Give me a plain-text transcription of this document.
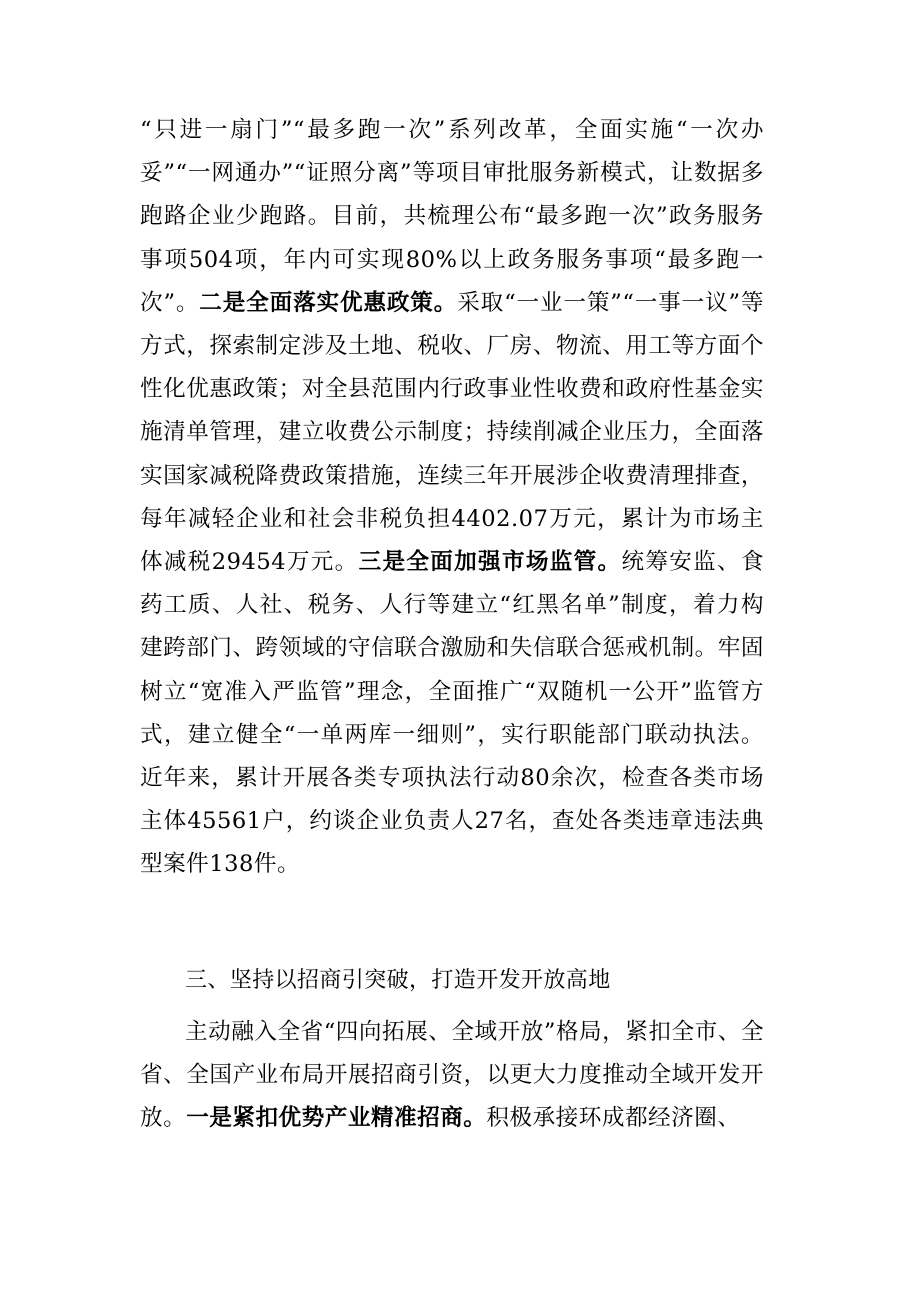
“只进一扇门”“最多跑一次”系列改革，全面实施“一次办妥”“一网通办”“证照分离”等项目审批服务新模式，让数据多跑路企业少跑路。目前，共梳理公布“最多跑一次”政务服务事项504项，年内可实现80%以上政务服务事项“最多跑一次”。二是全面落实优惠政策。采取“一业一策”“一事一议”等方式，探索制定涉及土地、税收、厂房、物流、用工等方面个性化优惠政策；对全县范围内行政事业性收费和政府性基金实施清单管理，建立收费公示制度；持续削减企业压力，全面落实国家减税降费政策措施，连续三年开展涉企收费清理排查，每年减轻企业和社会非税负担4402.07万元，累计为市场主体减税29454万元。三是全面加强市场监管。统筹安监、食药工质、人社、税务、人行等建立“红黑名单”制度，着力构建跨部门、跨领域的守信联合激励和失信联合惩戒机制。牢固树立“宽准入严监管”理念，全面推广“双随机一公开”监管方式，建立健全“一单两库一细则”，实行职能部门联动执法。近年来，累计开展各类专项执法行动80余次，检查各类市场主体45561户，约谈企业负责人27名，查处各类违章违法典型案件138件。

三、坚持以招商引突破，打造开发开放高地

主动融入全省“四向拓展、全域开放”格局，紧扣全市、全省、全国产业布局开展招商引资，以更大力度推动全域开发开放。一是紧扣优势产业精准招商。积极承接环成都经济圈、
